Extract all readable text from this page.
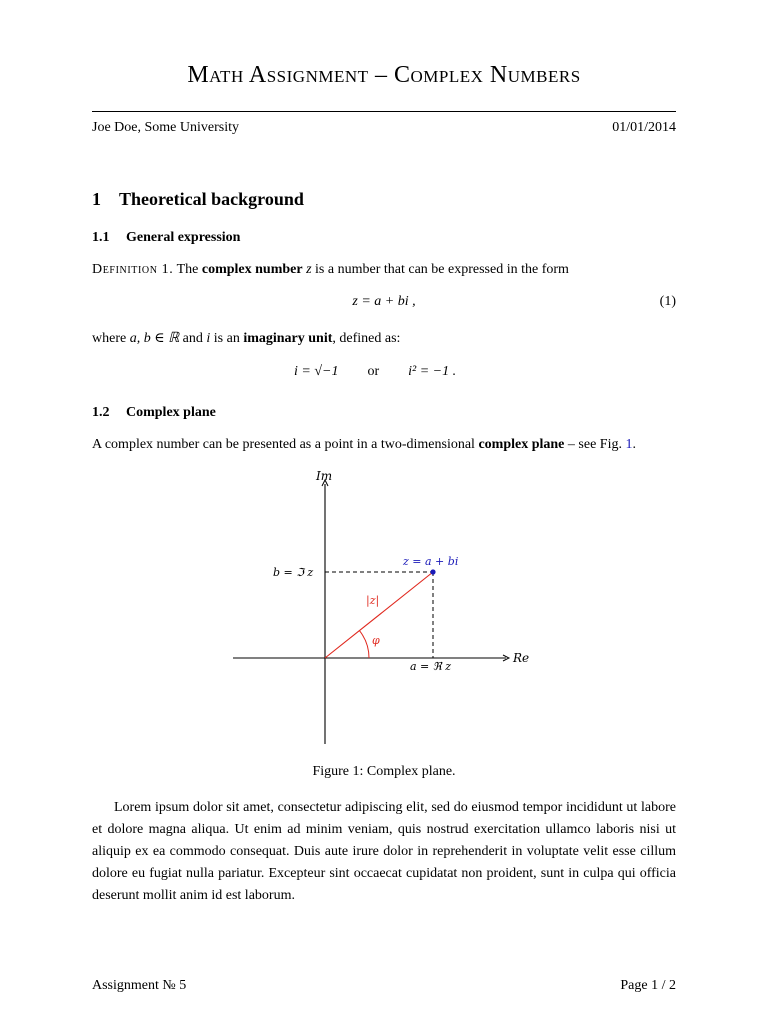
Math Assignment – Complex Numbers
Joe Doe, Some University	01/01/2014
1 Theoretical background
1.1 General expression
Definition 1. The complex number z is a number that can be expressed in the form
z = a + bi ,	(1)
where a, b ∈ ℝ and i is an imaginary unit, defined as:
i = √−1 or i² = −1 .
1.2 Complex plane
A complex number can be presented as a point in a two-dimensional complex plane – see Fig. 1.
Im
Re
z = a + bi
b = ℑ z
a = ℜ z
|z|
φ
Figure 1: Complex plane.
Lorem ipsum dolor sit amet, consectetur adipiscing elit, sed do eiusmod tempor incididunt ut labore et dolore magna aliqua. Ut enim ad minim veniam, quis nostrud exercitation ullamco laboris nisi ut aliquip ex ea commodo consequat. Duis aute irure dolor in reprehenderit in voluptate velit esse cillum dolore eu fugiat nulla pariatur. Excepteur sint occaecat cupidatat non proident, sunt in culpa qui officia deserunt mollit anim id est laborum.
Assignment № 5	Page 1 / 2
